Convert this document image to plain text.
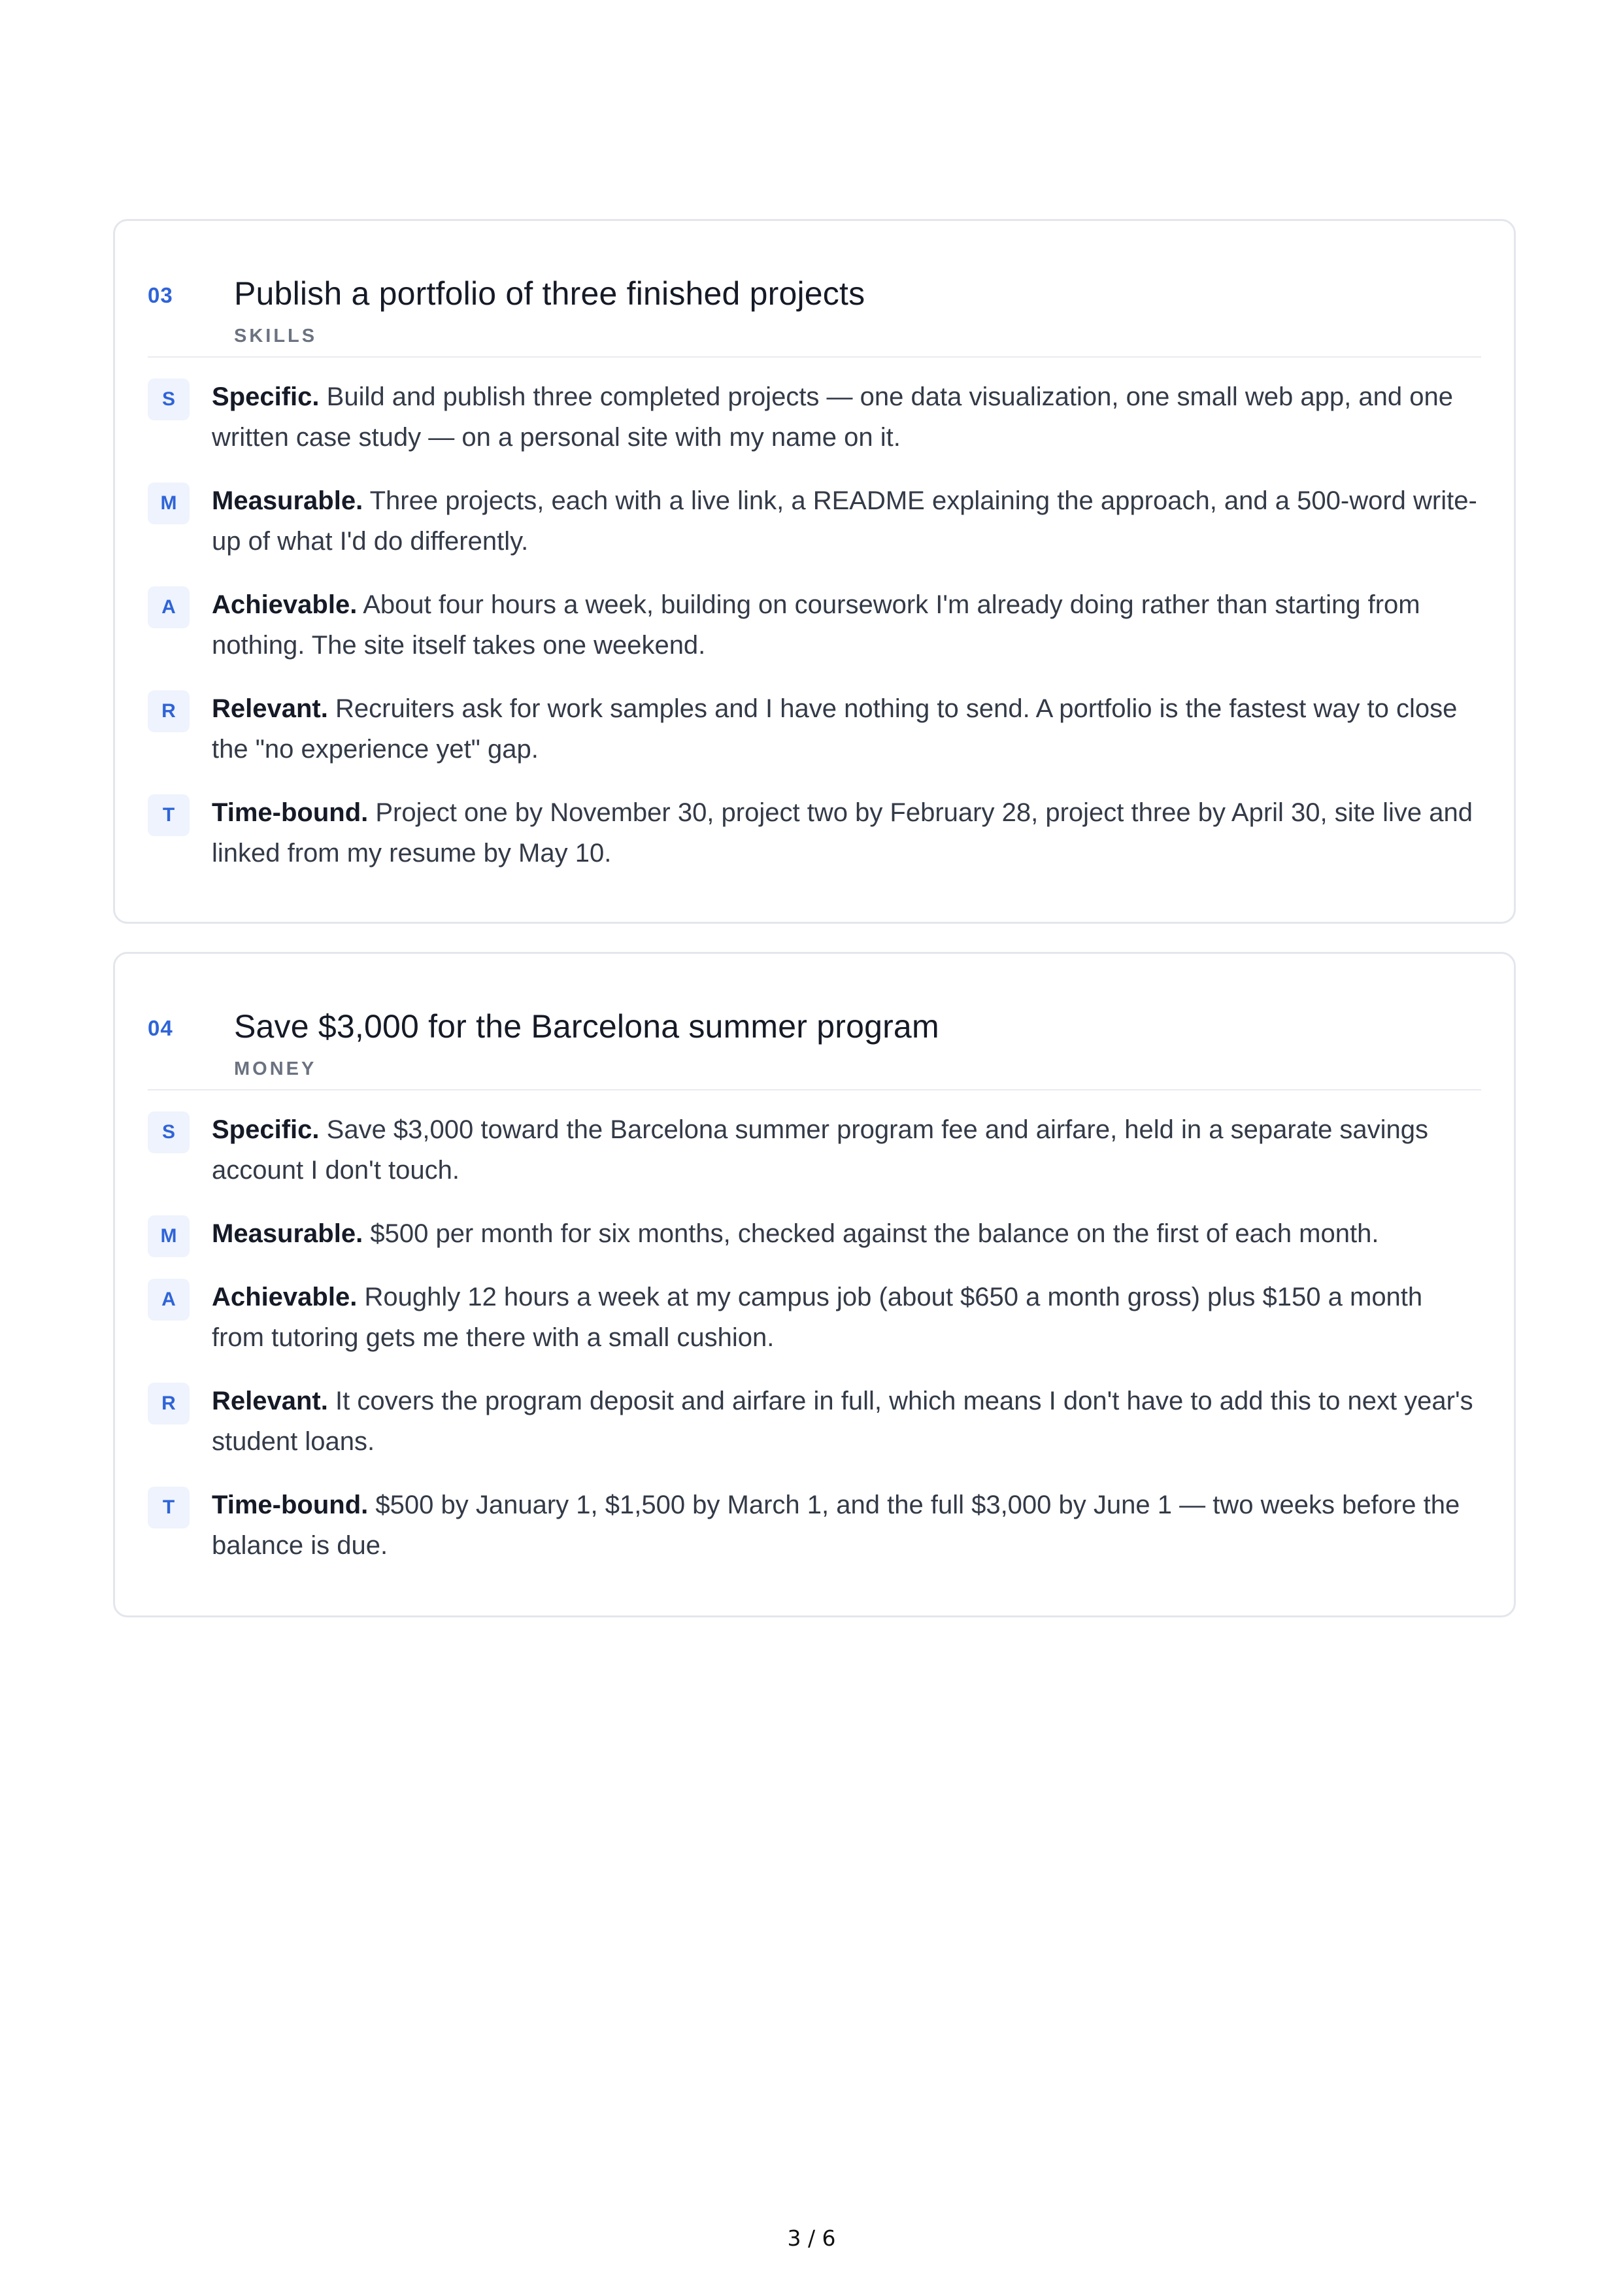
03 Publish a portfolio of three finished projects
SKILLS
S	Specific. Build and publish three completed projects — one data visualization, one small web app, and one written case study — on a personal site with my name on it.
M	Measurable. Three projects, each with a live link, a README explaining the approach, and a 500-word write-up of what I'd do differently.
A	Achievable. About four hours a week, building on coursework I'm already doing rather than starting from nothing. The site itself takes one weekend.
R	Relevant. Recruiters ask for work samples and I have nothing to send. A portfolio is the fastest way to close the "no experience yet" gap.
T	Time-bound. Project one by November 30, project two by February 28, project three by April 30, site live and linked from my resume by May 10.
04 Save $3,000 for the Barcelona summer program
MONEY
S	Specific. Save $3,000 toward the Barcelona summer program fee and airfare, held in a separate savings account I don't touch.
M	Measurable. $500 per month for six months, checked against the balance on the first of each month.
A	Achievable. Roughly 12 hours a week at my campus job (about $650 a month gross) plus $150 a month from tutoring gets me there with a small cushion.
R	Relevant. It covers the program deposit and airfare in full, which means I don't have to add this to next year's student loans.
T	Time-bound. $500 by January 1, $1,500 by March 1, and the full $3,000 by June 1 — two weeks before the balance is due.
3 / 6
